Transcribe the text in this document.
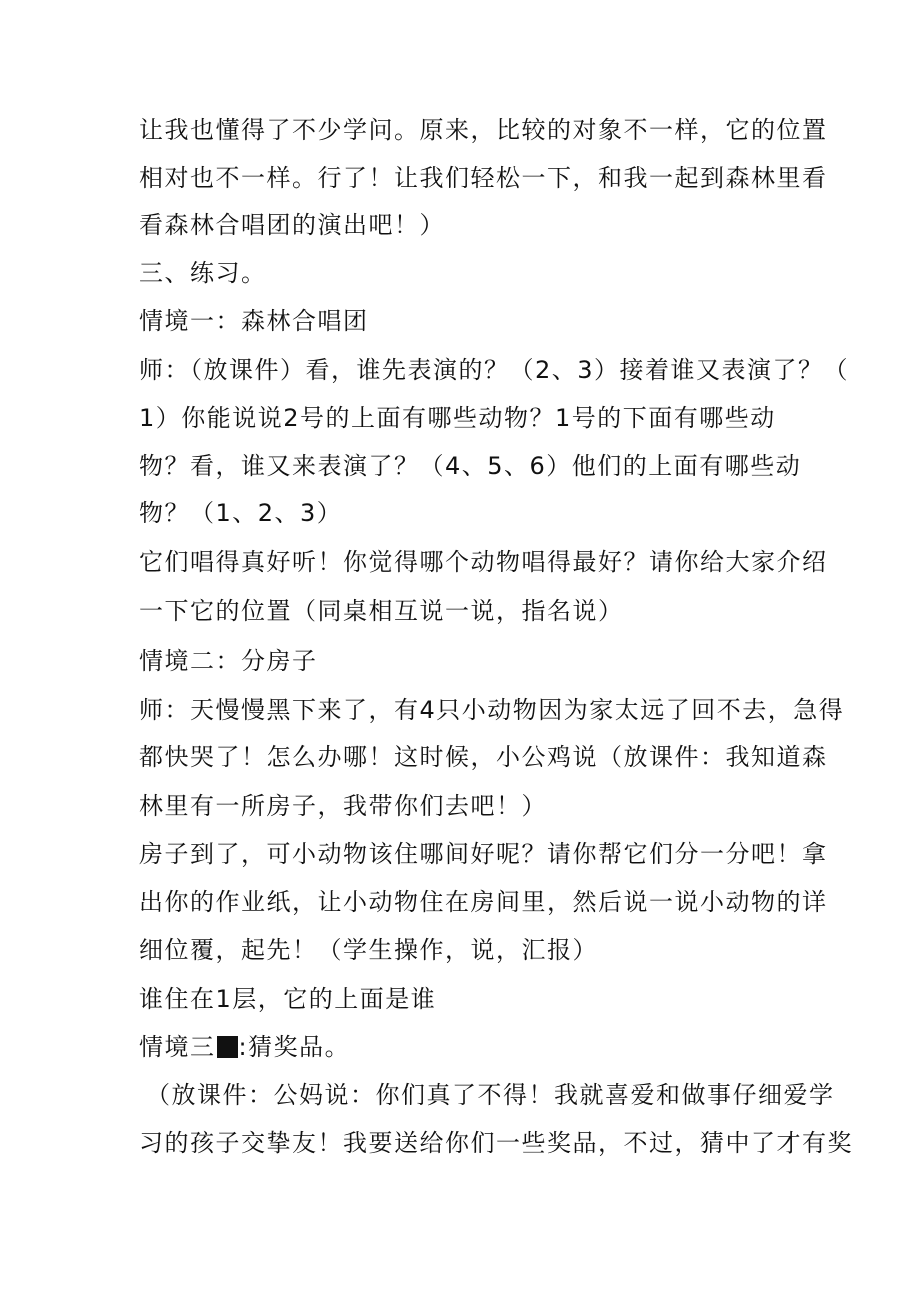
让我也懂得了不少学问。原来，比较的对象不一样，它的位置
相对也不一样。行了！让我们轻松一下，和我一起到森林里看
看森林合唱团的演出吧！）
三、练习。
情境一：森林合唱团
师：（放课件）看，谁先表演的？（2、3）接着谁又表演了？（
1）你能说说2号的上面有哪些动物？1号的下面有哪些动
物？看，谁又来表演了？（4、5、6）他们的上面有哪些动
物？（1、2、3）
它们唱得真好听！你觉得哪个动物唱得最好？请你给大家介绍
一下它的位置（同桌相互说一说，指名说）
情境二：分房子
师：天慢慢黑下来了，有4只小动物因为家太远了回不去，急得
都快哭了！怎么办哪！这时候，小公鸡说（放课件：我知道森
林里有一所房子，我带你们去吧！）
房子到了，可小动物该住哪间好呢？请你帮它们分一分吧！拿
出你的作业纸，让小动物住在房间里，然后说一说小动物的详
细位覆，起先！（学生操作，说，汇报）
谁住在1层，它的上面是谁
情境三 :猜奖品。
（放课件：公妈说：你们真了不得！我就喜爱和做事仔细爱学
习的孩子交挚友！我要送给你们一些奖品，不过，猜中了才有奖
